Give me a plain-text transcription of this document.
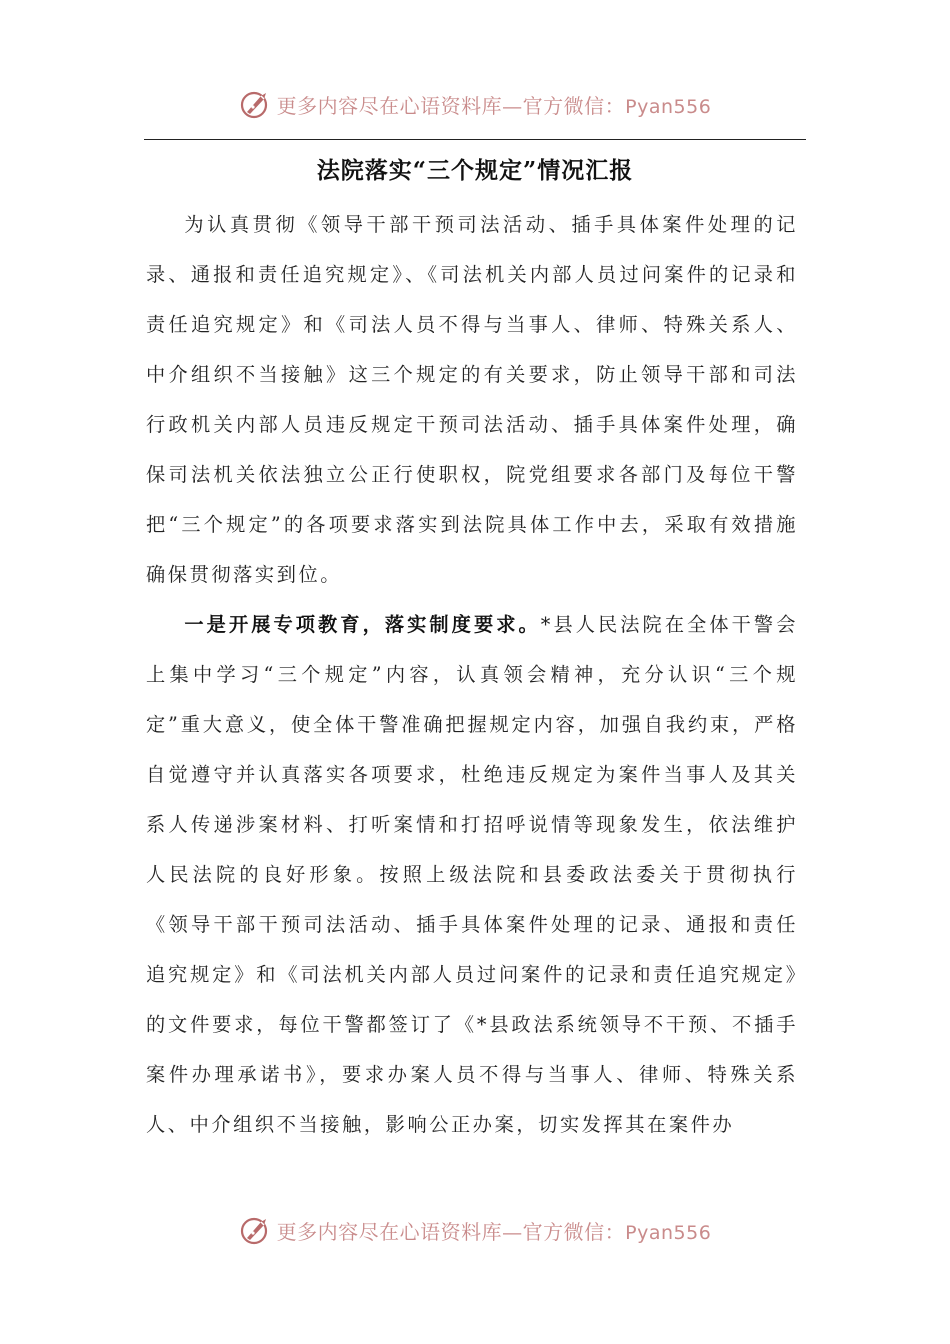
更多内容尽在心语资料库—官方微信：Pyan556
法院落实“三个规定”情况汇报

为认真贯彻《领导干部干预司法活动、插手具体案件处理的记录、通报和责任追究规定》、《司法机关内部人员过问案件的记录和责任追究规定》和《司法人员不得与当事人、律师、特殊关系人、中介组织不当接触》这三个规定的有关要求，防止领导干部和司法行政机关内部人员违反规定干预司法活动、插手具体案件处理，确保司法机关依法独立公正行使职权，院党组要求各部门及每位干警把“三个规定”的各项要求落实到法院具体工作中去，采取有效措施确保贯彻落实到位。

一是开展专项教育，落实制度要求。*县人民法院在全体干警会上集中学习“三个规定”内容，认真领会精神，充分认识“三个规定”重大意义，使全体干警准确把握规定内容，加强自我约束，严格自觉遵守并认真落实各项要求，杜绝违反规定为案件当事人及其关系人传递涉案材料、打听案情和打招呼说情等现象发生，依法维护人民法院的良好形象。按照上级法院和县委政法委关于贯彻执行《领导干部干预司法活动、插手具体案件处理的记录、通报和责任追究规定》和《司法机关内部人员过问案件的记录和责任追究规定》的文件要求，每位干警都签订了《*县政法系统领导不干预、不插手案件办理承诺书》，要求办案人员不得与当事人、律师、特殊关系人、中介组织不当接触，影响公正办案，切实发挥其在案件办

更多内容尽在心语资料库—官方微信：Pyan556
